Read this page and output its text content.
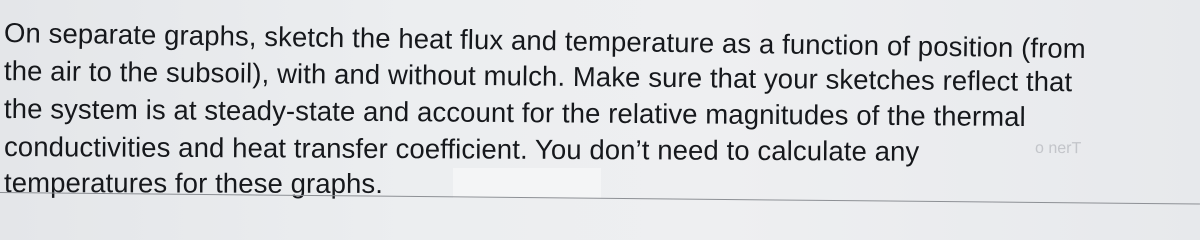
On separate graphs, sketch the heat flux and temperature as a function of position (from
the air to the subsoil), with and without mulch. Make sure that your sketches reflect that
the system is at steady-state and account for the relative magnitudes of the thermal
conductivities and heat transfer coefficient. You don’t need to calculate any
temperatures for these graphs.
o nerT
